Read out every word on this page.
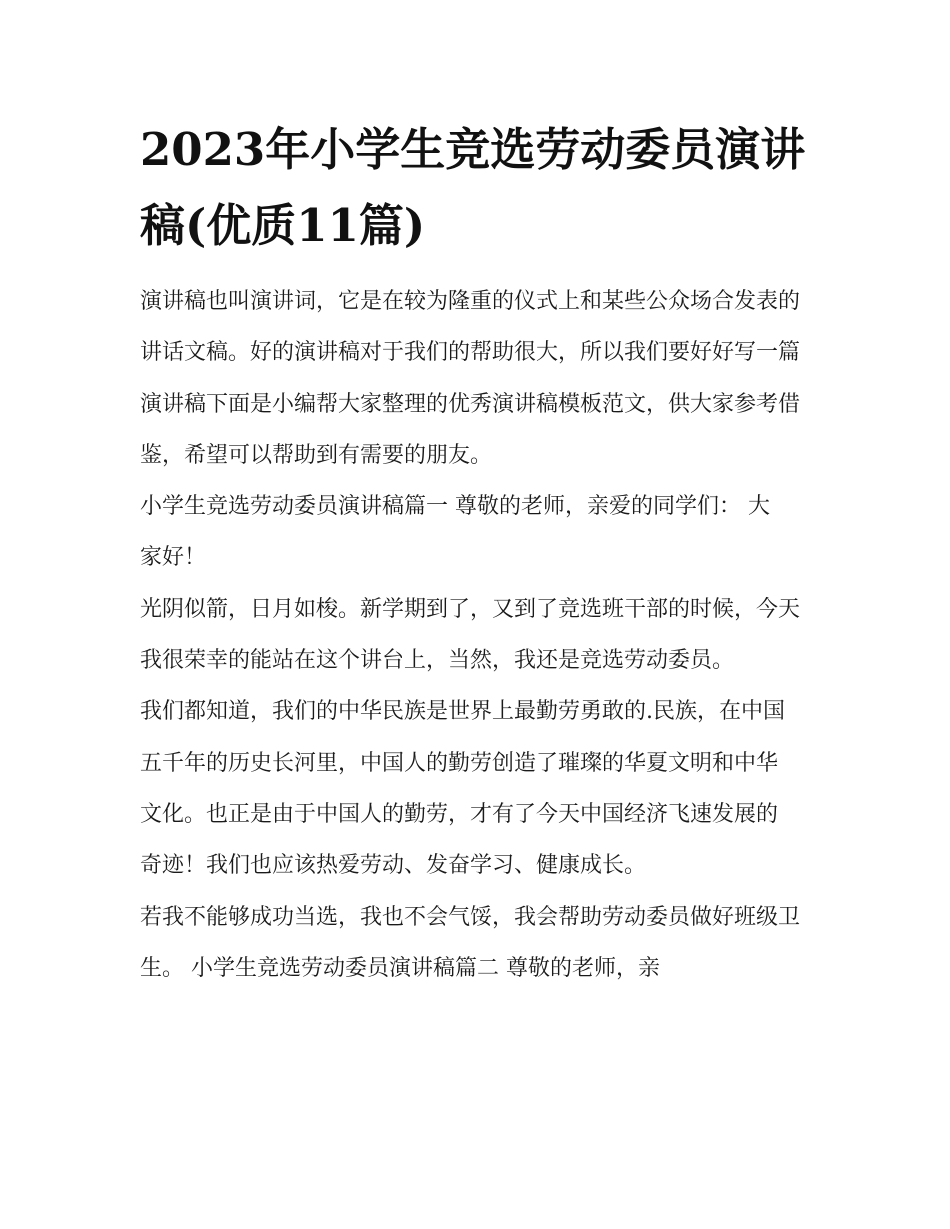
2023年小学生竞选劳动委员演讲稿(优质11篇)

演讲稿也叫演讲词，它是在较为隆重的仪式上和某些公众场合发表的讲话文稿。好的演讲稿对于我们的帮助很大，所以我们要好好写一篇演讲稿下面是小编帮大家整理的优秀演讲稿模板范文，供大家参考借鉴，希望可以帮助到有需要的朋友。

小学生竞选劳动委员演讲稿篇一 尊敬的老师，亲爱的同学们： 大家好！

光阴似箭，日月如梭。新学期到了，又到了竞选班干部的时候，今天我很荣幸的能站在这个讲台上，当然，我还是竞选劳动委员。

我们都知道，我们的中华民族是世界上最勤劳勇敢的.民族，在中国五千年的历史长河里，中国人的勤劳创造了璀璨的华夏文明和中华文化。也正是由于中国人的勤劳，才有了今天中国经济飞速发展的奇迹！我们也应该热爱劳动、发奋学习、健康成长。

若我不能够成功当选，我也不会气馁，我会帮助劳动委员做好班级卫生。 小学生竞选劳动委员演讲稿篇二 尊敬的老师，亲
